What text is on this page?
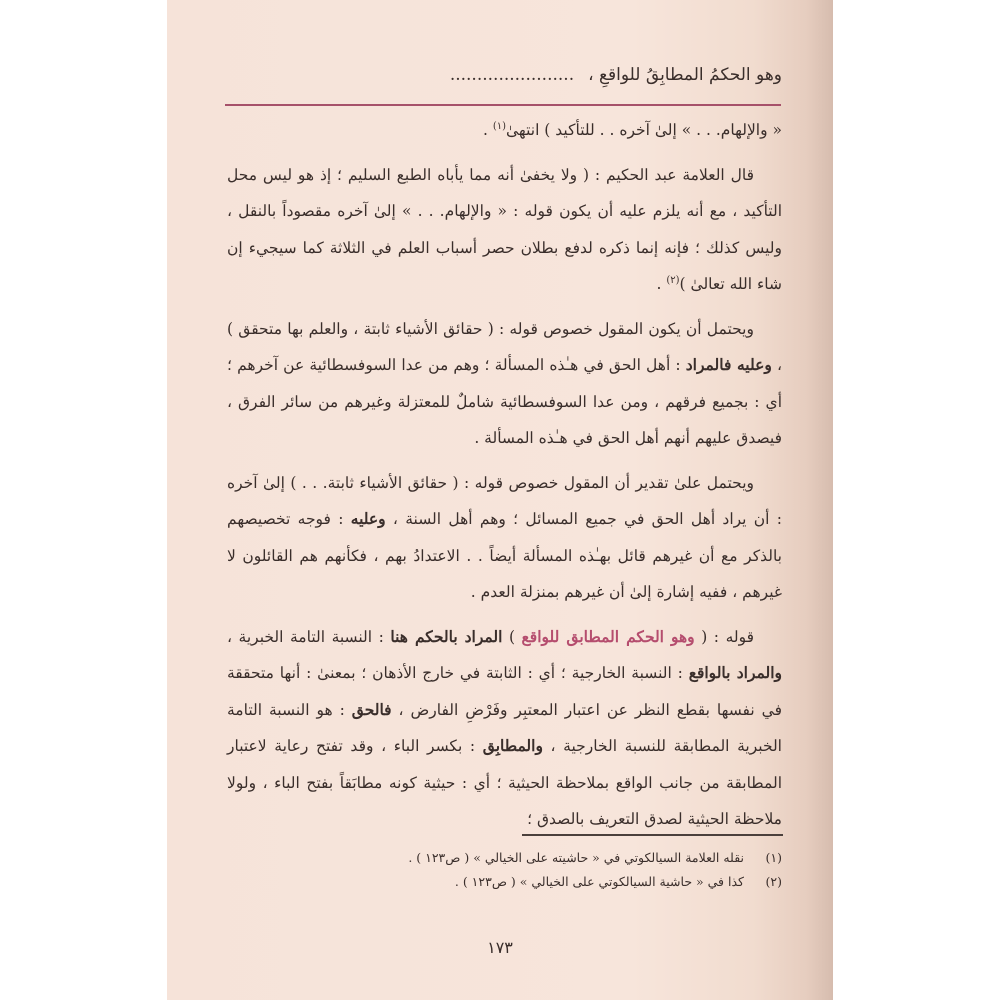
وهو الحكمُ المطابِقُ للواقعِ ،.......................

« والإلهام. . . » إلىٰ آخره . . للتأكيد ) انتهىٰ$^{(١)}$ .

قال العلامة عبد الحكيم : ( ولا يخفىٰ أنه مما يأباه الطبع السليم ؛ إذ هو ليس محل التأكيد ، مع أنه يلزم عليه أن يكون قوله : « والإلهام. . . » إلىٰ آخره مقصوداً بالنقل ، وليس كذلك ؛ فإنه إنما ذكره لدفع بطلان حصر أسباب العلم في الثلاثة كما سيجيء إن شاء الله تعالىٰ )$^{(٢)}$ .

ويحتمل أن يكون المقول خصوص قوله : ( حقائق الأشياء ثابتة ، والعلم بها متحقق ) ، وعليه فالمراد : أهل الحق في هـٰذه المسألة ؛ وهم من عدا السوفسطائية عن آخرهم ؛ أي : بجميع فرقهم ، ومن عدا السوفسطائية شاملٌ للمعتزلة وغيرهم من سائر الفرق ، فيصدق عليهم أنهم أهل الحق في هـٰذه المسألة .

ويحتمل علىٰ تقدير أن المقول خصوص قوله : ( حقائق الأشياء ثابتة. . . ) إلىٰ آخره : أن يراد أهل الحق في جميع المسائل ؛ وهم أهل السنة ، وعليه : فوجه تخصيصهم بالذكر مع أن غيرهم قائل بهـٰذه المسألة أيضاً . . الاعتدادُ بهم ، فكأنهم هم القائلون لا غيرهم ، ففيه إشارة إلىٰ أن غيرهم بمنزلة العدم .

قوله : ( وهو الحكم المطابق للواقع ) المراد بالحكم هنا : النسبة التامة الخبرية ، والمراد بالواقع : النسبة الخارجية ؛ أي : الثابتة في خارج الأذهان ؛ بمعنىٰ : أنها متحققة في نفسها بقطع النظر عن اعتبار المعتبِر وفَرْضِ الفارض ، فالحق : هو النسبة التامة الخبرية المطابقة للنسبة الخارجية ، والمطابِق : بكسر الباء ، وقد تفتح رعاية لاعتبار المطابقة من جانب الواقع بملاحظة الحيثية ؛ أي : حيثية كونه مطابَقاً بفتح الباء ، ولولا ملاحظة الحيثية لصدق التعريف بالصدق ؛

(١)
نقله العلامة السيالكوتي في « حاشيته على الخيالي » ( ص١٢٣ ) .
(٢)
كذا في « حاشية السيالكوتي على الخيالي » ( ص١٢٣ ) .
١٧٣
